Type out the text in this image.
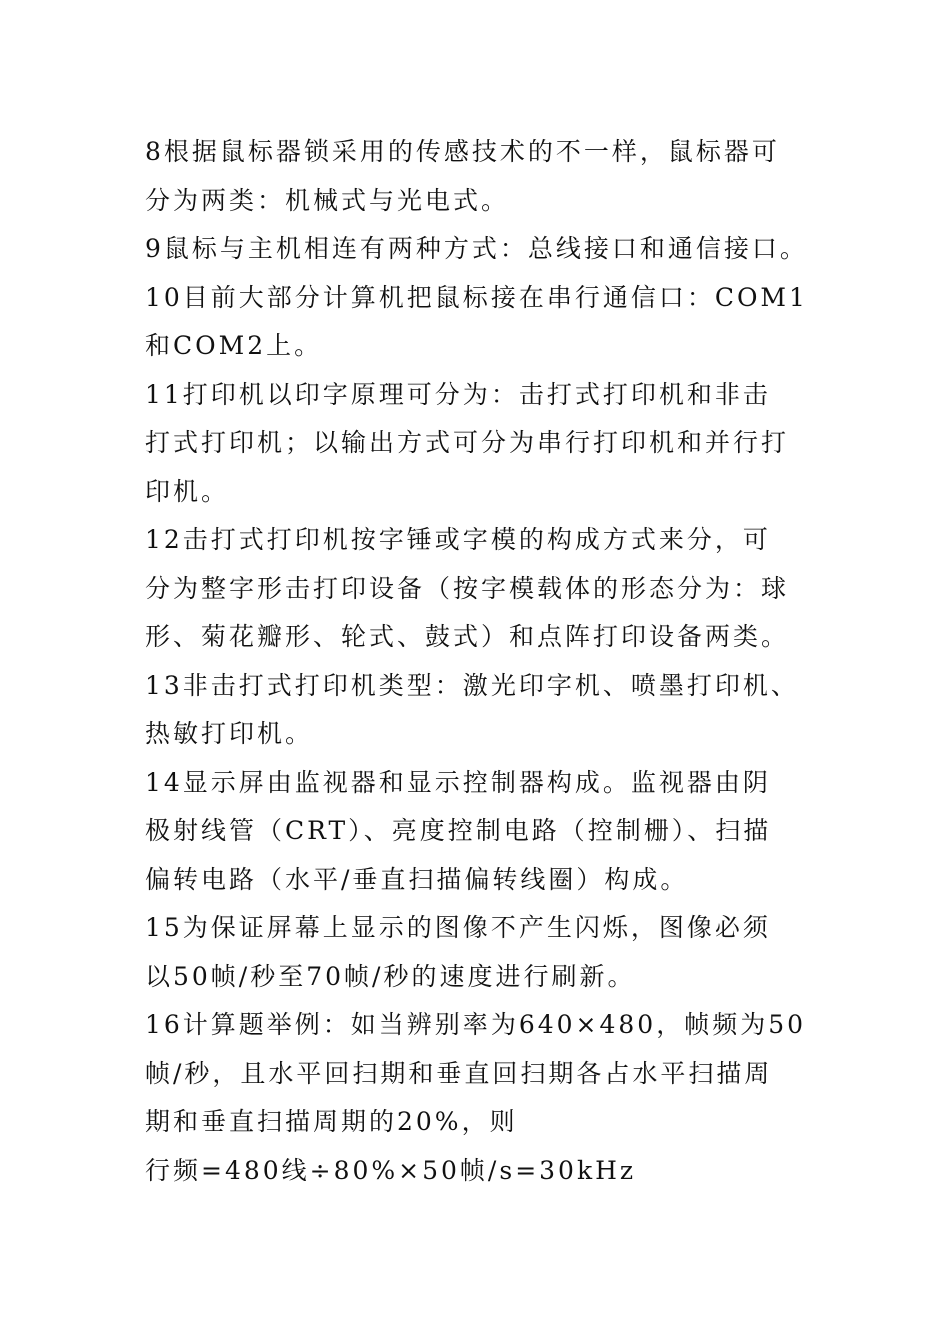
8根据鼠标器锁采用的传感技术的不一样，鼠标器可
分为两类：机械式与光电式。
9鼠标与主机相连有两种方式：总线接口和通信接口。
10目前大部分计算机把鼠标接在串行通信口：COM1
和COM2上。
11打印机以印字原理可分为：击打式打印机和非击
打式打印机；以输出方式可分为串行打印机和并行打
印机。
12击打式打印机按字锤或字模的构成方式来分，可
分为整字形击打印设备（按字模载体的形态分为：球
形、菊花瓣形、轮式、鼓式）和点阵打印设备两类。
13非击打式打印机类型：激光印字机、喷墨打印机、
热敏打印机。
14显示屏由监视器和显示控制器构成。监视器由阴
极射线管（CRT）、亮度控制电路（控制栅）、扫描
偏转电路（水平/垂直扫描偏转线圈）构成。
15为保证屏幕上显示的图像不产生闪烁，图像必须
以50帧/秒至70帧/秒的速度进行刷新。
16计算题举例：如当辨别率为640×480，帧频为50
帧/秒，且水平回扫期和垂直回扫期各占水平扫描周
期和垂直扫描周期的20%，则
行频=480线÷80%×50帧/s=30kHz
